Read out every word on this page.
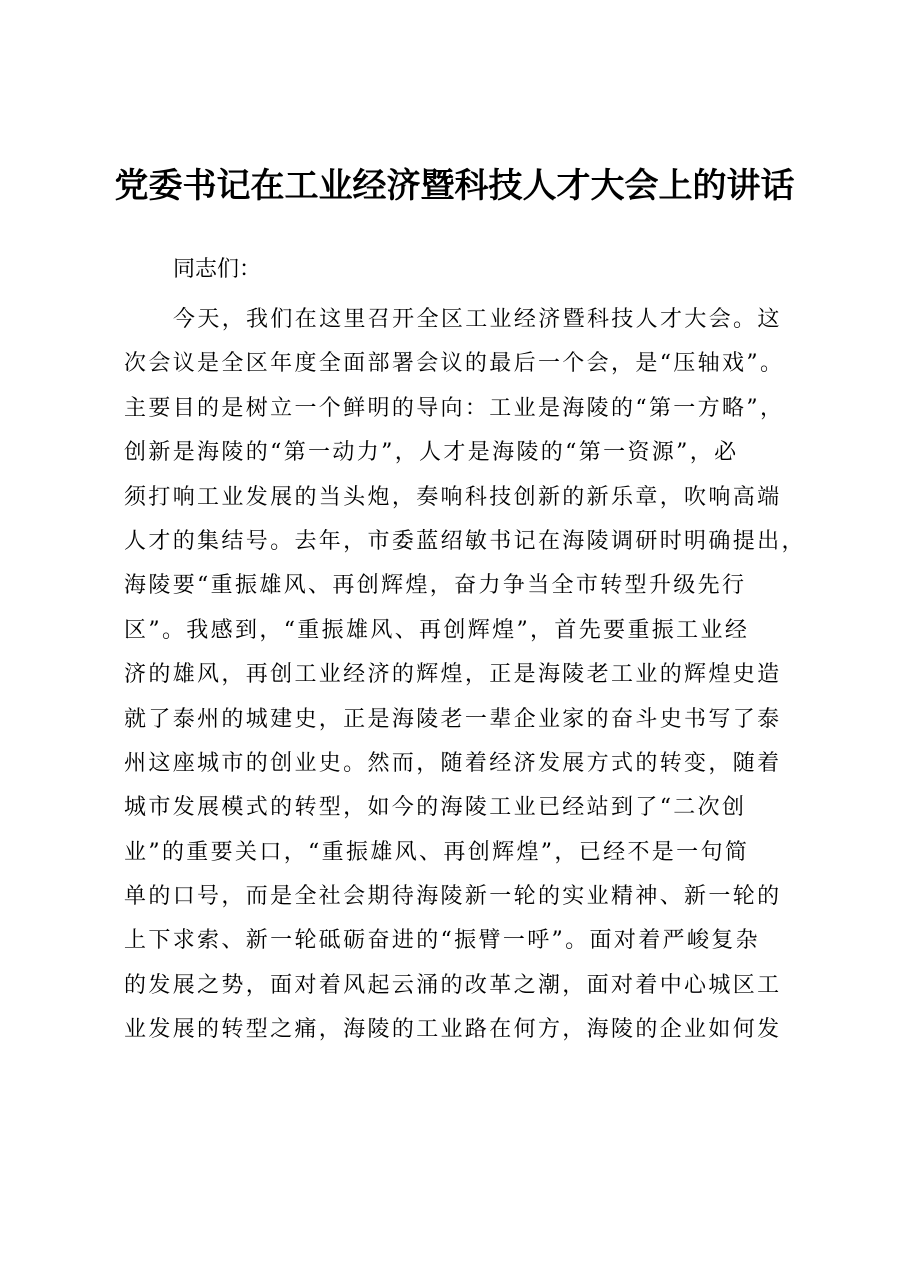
党委书记在工业经济暨科技人才大会上的讲话

同志们：

今天，我们在这里召开全区工业经济暨科技人才大会。这
次会议是全区年度全面部署会议的最后一个会，是“压轴戏”。
主要目的是树立一个鲜明的导向：工业是海陵的“第一方略”，
创新是海陵的“第一动力”，人才是海陵的“第一资源”，必
须打响工业发展的当头炮，奏响科技创新的新乐章，吹响高端
人才的集结号。去年，市委蓝绍敏书记在海陵调研时明确提出，
海陵要“重振雄风、再创辉煌，奋力争当全市转型升级先行
区”。我感到，“重振雄风、再创辉煌”，首先要重振工业经
济的雄风，再创工业经济的辉煌，正是海陵老工业的辉煌史造
就了泰州的城建史，正是海陵老一辈企业家的奋斗史书写了泰
州这座城市的创业史。然而，随着经济发展方式的转变，随着
城市发展模式的转型，如今的海陵工业已经站到了“二次创
业”的重要关口，“重振雄风、再创辉煌”，已经不是一句简
单的口号，而是全社会期待海陵新一轮的实业精神、新一轮的
上下求索、新一轮砥砺奋进的“振臂一呼”。面对着严峻复杂
的发展之势，面对着风起云涌的改革之潮，面对着中心城区工
业发展的转型之痛，海陵的工业路在何方，海陵的企业如何发
